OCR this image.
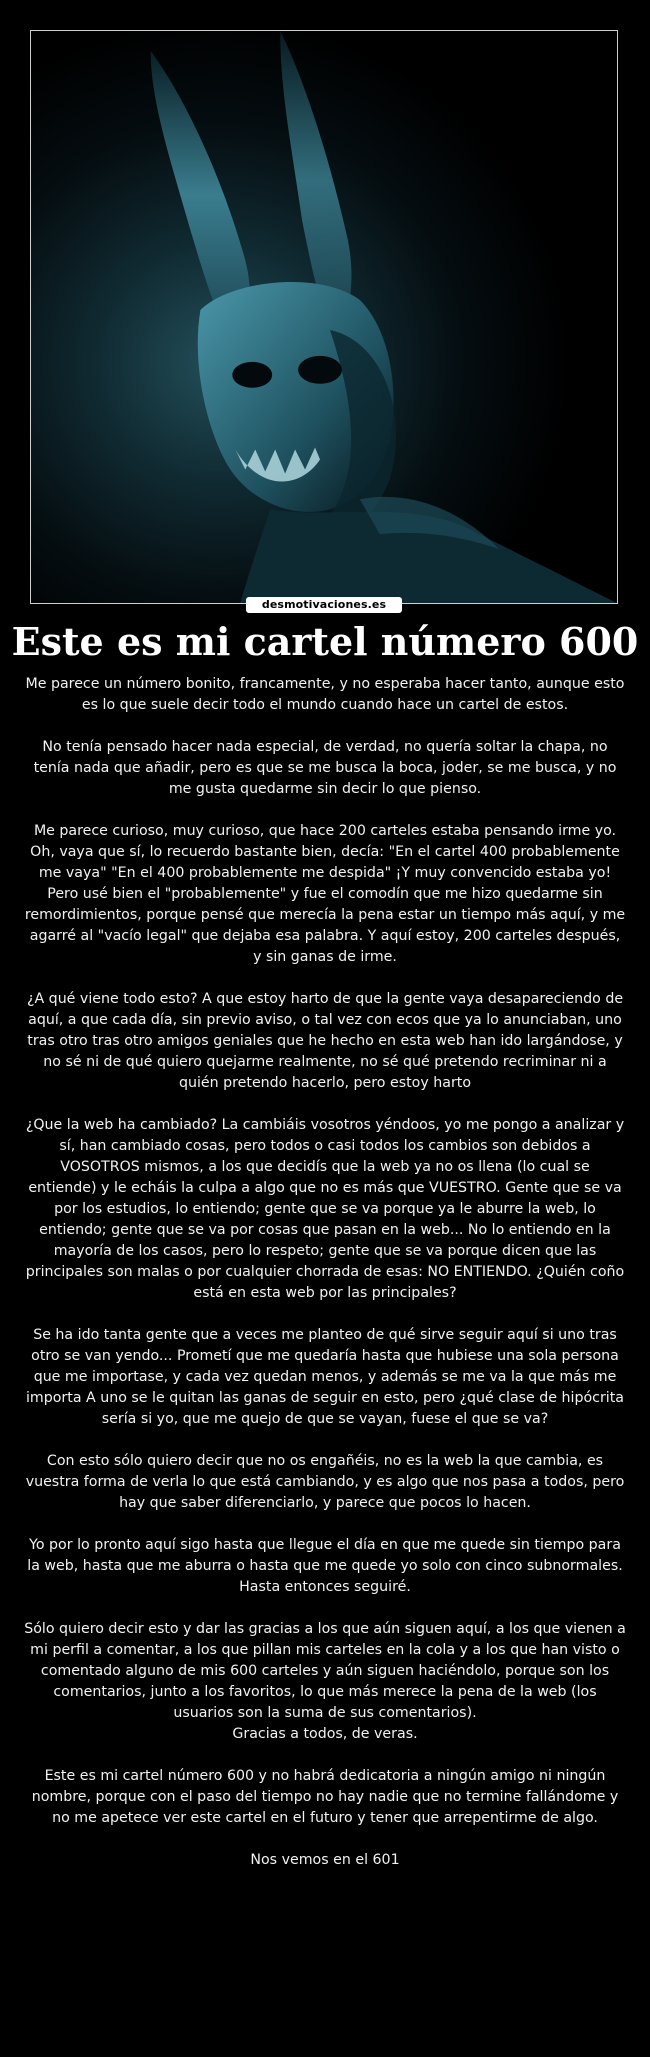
desmotivaciones.es
Este es mi cartel número 600

Me parece un número bonito, francamente, y no esperaba hacer tanto, aunque esto es lo que suele decir todo el mundo cuando hace un cartel de estos.

No tenía pensado hacer nada especial, de verdad, no quería soltar la chapa, no tenía nada que añadir, pero es que se me busca la boca, joder, se me busca, y no me gusta quedarme sin decir lo que pienso.

Me parece curioso, muy curioso, que hace 200 carteles estaba pensando irme yo. Oh, vaya que sí, lo recuerdo bastante bien, decía: "En el cartel 400 probablemente me vaya" "En el 400 probablemente me despida" ¡Y muy convencido estaba yo! Pero usé bien el "probablemente" y fue el comodín que me hizo quedarme sin remordimientos, porque pensé que merecía la pena estar un tiempo más aquí, y me agarré al "vacío legal" que dejaba esa palabra. Y aquí estoy, 200 carteles después, y sin ganas de irme.

¿A qué viene todo esto? A que estoy harto de que la gente vaya desapareciendo de aquí, a que cada día, sin previo aviso, o tal vez con ecos que ya lo anunciaban, uno tras otro tras otro amigos geniales que he hecho en esta web han ido largándose, y no sé ni de qué quiero quejarme realmente, no sé qué pretendo recriminar ni a quién pretendo hacerlo, pero estoy harto

¿Que la web ha cambiado? La cambiáis vosotros yéndoos, yo me pongo a analizar y sí, han cambiado cosas, pero todos o casi todos los cambios son debidos a VOSOTROS mismos, a los que decidís que la web ya no os llena (lo cual se entiende) y le echáis la culpa a algo que no es más que VUESTRO. Gente que se va por los estudios, lo entiendo; gente que se va porque ya le aburre la web, lo entiendo; gente que se va por cosas que pasan en la web... No lo entiendo en la mayoría de los casos, pero lo respeto; gente que se va porque dicen que las principales son malas o por cualquier chorrada de esas: NO ENTIENDO. ¿Quién coño está en esta web por las principales?

Se ha ido tanta gente que a veces me planteo de qué sirve seguir aquí si uno tras otro se van yendo... Prometí que me quedaría hasta que hubiese una sola persona que me importase, y cada vez quedan menos, y además se me va la que más me importa A uno se le quitan las ganas de seguir en esto, pero ¿qué clase de hipócrita sería si yo, que me quejo de que se vayan, fuese el que se va?

Con esto sólo quiero decir que no os engañéis, no es la web la que cambia, es vuestra forma de verla lo que está cambiando, y es algo que nos pasa a todos, pero hay que saber diferenciarlo, y parece que pocos lo hacen.

Yo por lo pronto aquí sigo hasta que llegue el día en que me quede sin tiempo para la web, hasta que me aburra o hasta que me quede yo solo con cinco subnormales. Hasta entonces seguiré.

Sólo quiero decir esto y dar las gracias a los que aún siguen aquí, a los que vienen a mi perfil a comentar, a los que pillan mis carteles en la cola y a los que han visto o comentado alguno de mis 600 carteles y aún siguen haciéndolo, porque son los comentarios, junto a los favoritos, lo que más merece la pena de la web (los usuarios son la suma de sus comentarios).
Gracias a todos, de veras.

Este es mi cartel número 600 y no habrá dedicatoria a ningún amigo ni ningún nombre, porque con el paso del tiempo no hay nadie que no termine fallándome y no me apetece ver este cartel en el futuro y tener que arrepentirme de algo.

Nos vemos en el 601
